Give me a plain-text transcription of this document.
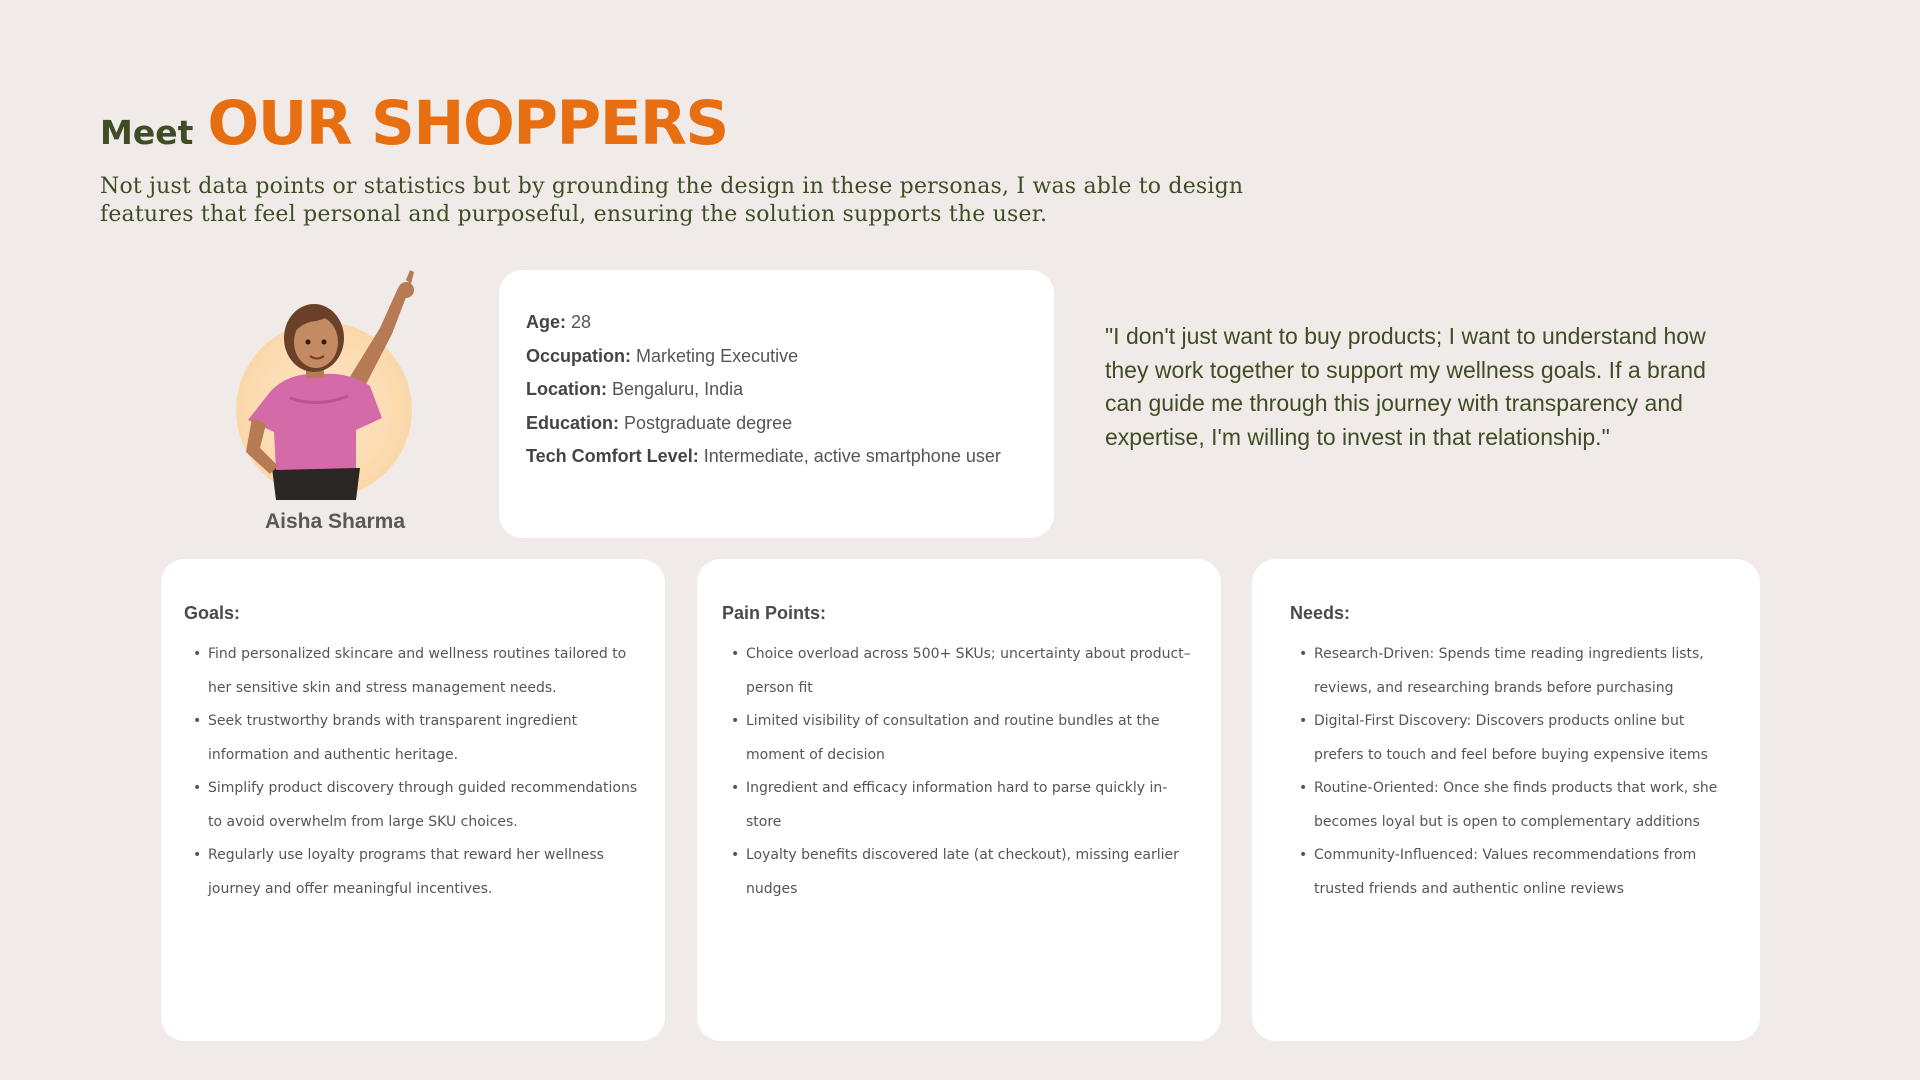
Meet OUR SHOPPERS

Not just data points or statistics but by grounding the design in these personas, I was able to design features that feel personal and purposeful, ensuring the solution supports the user.

Aisha Sharma
Age: 28
Occupation: Marketing Executive
Location: Bengaluru, India
Education: Postgraduate degree
Tech Comfort Level: Intermediate, active smartphone user

"I don't just want to buy products; I want to understand how they work together to support my wellness goals. If a brand can guide me through this journey with transparency and expertise, I'm willing to invest in that relationship."

Goals:
• Find personalized skincare and wellness routines tailored to her sensitive skin and stress management needs.
• Seek trustworthy brands with transparent ingredient information and authentic heritage.
• Simplify product discovery through guided recommendations to avoid overwhelm from large SKU choices.
• Regularly use loyalty programs that reward her wellness journey and offer meaningful incentives.
Pain Points:
• Choice overload across 500+ SKUs; uncertainty about product–person fit
• Limited visibility of consultation and routine bundles at the moment of decision
• Ingredient and efficacy information hard to parse quickly in-store
• Loyalty benefits discovered late (at checkout), missing earlier nudges
Needs:
• Research-Driven: Spends time reading ingredients lists, reviews, and researching brands before purchasing
• Digital-First Discovery: Discovers products online but prefers to touch and feel before buying expensive items
• Routine-Oriented: Once she finds products that work, she becomes loyal but is open to complementary additions
• Community-Influenced: Values recommendations from trusted friends and authentic online reviews
